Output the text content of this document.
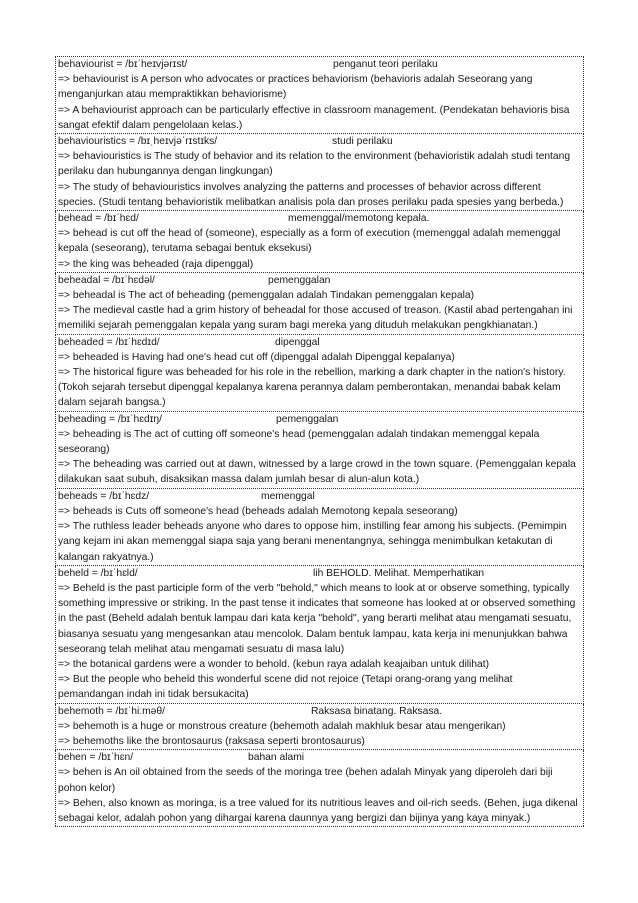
behaviourist = /bɪˈheɪvjərɪst/	penganut teori perilaku
=> behaviourist is A person who advocates or practices behaviorism (behavioris adalah Seseorang yang menganjurkan atau mempraktikkan behaviorisme)
=> A behaviourist approach can be particularly effective in classroom management. (Pendekatan behavioris bisa sangat efektif dalam pengelolaan kelas.)
behaviouristics = /bɪˌheɪvjəˈrɪstɪks/	studi perilaku
=> behaviouristics is The study of behavior and its relation to the environment (behavioristik adalah studi tentang perilaku dan hubungannya dengan lingkungan)
=> The study of behaviouristics involves analyzing the patterns and processes of behavior across different species. (Studi tentang behavioristik melibatkan analisis pola dan proses perilaku pada spesies yang berbeda.)
behead = /bɪˈhɛd/	memenggal/memotong kepala.
=> behead is cut off the head of (someone), especially as a form of execution (memenggal adalah memenggal kepala (seseorang), terutama sebagai bentuk eksekusi)
=> the king was beheaded (raja dipenggal)
beheadal = /bɪˈhɛdəl/	pemenggalan
=> beheadal is The act of beheading (pemenggalan adalah Tindakan pemenggalan kepala)
=> The medieval castle had a grim history of beheadal for those accused of treason. (Kastil abad pertengahan ini memiliki sejarah pemenggalan kepala yang suram bagi mereka yang dituduh melakukan pengkhianatan.)
beheaded = /bɪˈhɛdɪd/	dipenggal
=> beheaded is Having had one's head cut off (dipenggal adalah Dipenggal kepalanya)
=> The historical figure was beheaded for his role in the rebellion, marking a dark chapter in the nation's history. (Tokoh sejarah tersebut dipenggal kepalanya karena perannya dalam pemberontakan, menandai babak kelam dalam sejarah bangsa.)
beheading = /bɪˈhɛdɪŋ/	pemenggalan
=> beheading is The act of cutting off someone's head (pemenggalan adalah tindakan memenggal kepala seseorang)
=> The beheading was carried out at dawn, witnessed by a large crowd in the town square. (Pemenggalan kepala dilakukan saat subuh, disaksikan massa dalam jumlah besar di alun-alun kota.)
beheads = /bɪˈhɛdz/	memenggal
=> beheads is Cuts off someone's head (beheads adalah Memotong kepala seseorang)
=> The ruthless leader beheads anyone who dares to oppose him, instilling fear among his subjects. (Pemimpin yang kejam ini akan memenggal siapa saja yang berani menentangnya, sehingga menimbulkan ketakutan di kalangan rakyatnya.)
beheld = /bɪˈhɛld/	lih BEHOLD. Melihat. Memperhatikan
=> Beheld is the past participle form of the verb "behold," which means to look at or observe something, typically something impressive or striking. In the past tense it indicates that someone has looked at or observed something in the past (Beheld adalah bentuk lampau dari kata kerja "behold", yang berarti melihat atau mengamati sesuatu, biasanya sesuatu yang mengesankan atau mencolok. Dalam bentuk lampau, kata kerja ini menunjukkan bahwa seseorang telah melihat atau mengamati sesuatu di masa lalu)
=> the botanical gardens were a wonder to behold. (kebun raya adalah keajaiban untuk dilihat)
=> But the people who beheld this wonderful scene did not rejoice (Tetapi orang-orang yang melihat pemandangan indah ini tidak bersukacita)
behemoth = /bɪˈhiːməθ/	Raksasa binatang. Raksasa.
=> behemoth is a huge or monstrous creature (behemoth adalah makhluk besar atau mengerikan)
=> behemoths like the brontosaurus (raksasa seperti brontosaurus)
behen = /bɪˈhɛn/	bahan alami
=> behen is An oil obtained from the seeds of the moringa tree (behen adalah Minyak yang diperoleh dari biji pohon kelor)
=> Behen, also known as moringa, is a tree valued for its nutritious leaves and oil-rich seeds. (Behen, juga dikenal sebagai kelor, adalah pohon yang dihargai karena daunnya yang bergizi dan bijinya yang kaya minyak.)
